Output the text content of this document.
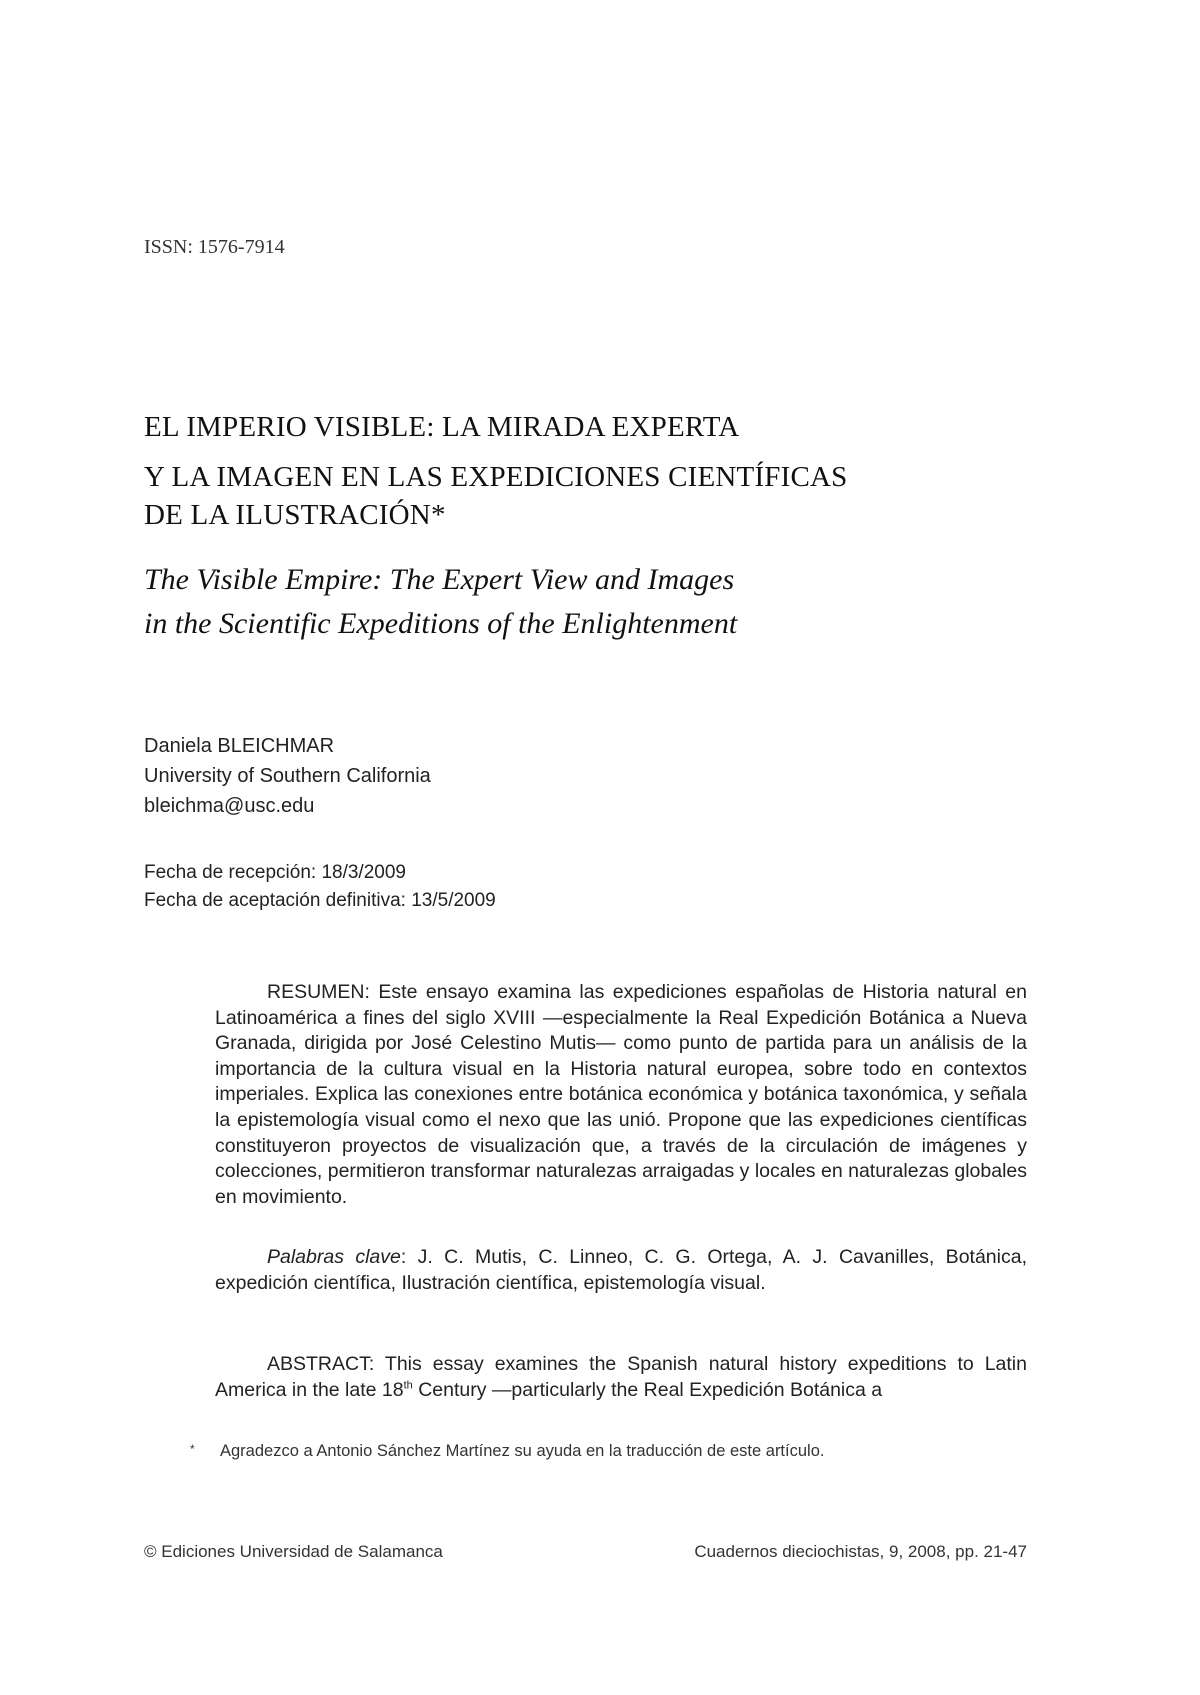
ISSN: 1576-7914
EL IMPERIO VISIBLE: LA MIRADA EXPERTA
Y LA IMAGEN EN LAS EXPEDICIONES CIENTÍFICAS
DE LA ILUSTRACIÓN*
The Visible Empire: The Expert View and Images
in the Scientific Expeditions of the Enlightenment
Daniela BLEICHMAR
University of Southern California
bleichma@usc.edu
Fecha de recepción: 18/3/2009
Fecha de aceptación definitiva: 13/5/2009
RESUMEN: Este ensayo examina las expediciones españolas de Historia natural en Latinoamérica a fines del siglo XVIII —especialmente la Real Expedición Botánica a Nueva Granada, dirigida por José Celestino Mutis— como punto de partida para un análisis de la importancia de la cultura visual en la Historia natural europea, sobre todo en contextos imperiales. Explica las conexiones entre botánica económica y botánica taxonómica, y señala la epistemología visual como el nexo que las unió. Propone que las expediciones científicas constituyeron proyectos de visualización que, a través de la circulación de imágenes y colecciones, permitieron transformar naturalezas arraigadas y locales en naturalezas globales en movimiento.
Palabras clave: J. C. Mutis, C. Linneo, C. G. Ortega, A. J. Cavanilles, Botánica, expedición científica, Ilustración científica, epistemología visual.
ABSTRACT: This essay examines the Spanish natural history expeditions to Latin America in the late 18th Century —particularly the Real Expedición Botánica a
* Agradezco a Antonio Sánchez Martínez su ayuda en la traducción de este artículo.
© Ediciones Universidad de Salamanca	Cuadernos dieciochistas, 9, 2008, pp. 21-47
